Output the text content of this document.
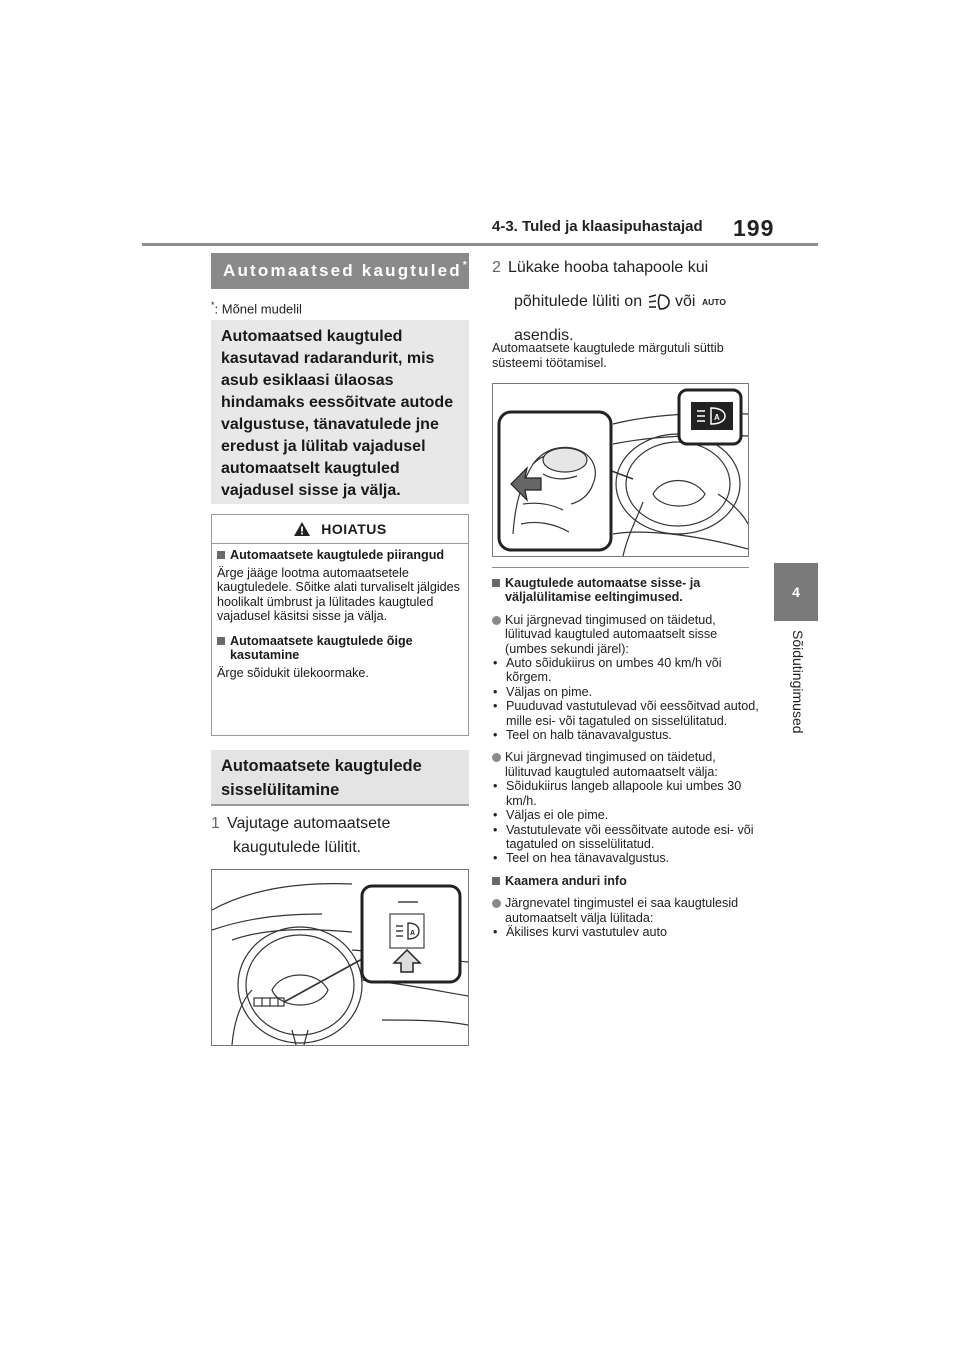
4-3. Tuled ja klaasipuhastajad 199
4
Sõidutingimused
Automaatsed kaugtuled*
*: Mõnel mudelil
Automaatsed kaugtuled
kasutavad radarandurit, mis
asub esiklaasi ülaosas
hindamaks eessõitvate autode
valgustuse, tänavatulede jne
eredust ja lülitab vajadusel
automaatselt kaugtuled
vajadusel sisse ja välja.
HOIATUS
Automaatsete kaugtulede piirangud

Ärge jääge lootma automaatsetele kaugtuledele. Sõitke alati turvaliselt jälgides hoolikalt ümbrust ja lülitades kaugtuled vajadusel käsitsi sisse ja välja.

Automaatsete kaugtulede õige kasutamine

Ärge sõidukit ülekoormake.

Automaatsete kaugtulede
sisselülitamine
1 Vajutage automaatsete
kaugutulede lülitit.
A
2 Lükake hooba tahapoole kui
põhitulede lüliti on või AUTO
asendis.
Automaatsete kaugtulede märgutuli süttib süsteemi töötamisel.
A
Kaugtulede automaatse sisse- ja väljalülitamise eeltingimused.
Kui järgnevad tingimused on täidetud, lülituvad kaugtuled automaatselt sisse (umbes sekundi järel):
• Auto sõidukiirus on umbes 40 km/h või kõrgem.
• Väljas on pime.
• Puuduvad vastutulevad või eessõitvad autod, mille esi- või tagatuled on sisselülitatud.
• Teel on halb tänavavalgustus.
Kui järgnevad tingimused on täidetud, lülituvad kaugtuled automaatselt välja:
• Sõidukiirus langeb allapoole kui umbes 30 km/h.
• Väljas ei ole pime.
• Vastutulevate või eessõitvate autode esi- või tagatuled on sisselülitatud.
• Teel on hea tänavavalgustus.
Kaamera anduri info
Järgnevatel tingimustel ei saa kaugtulesid automaatselt välja lülitada:
• Äkilises kurvi vastutulev auto
